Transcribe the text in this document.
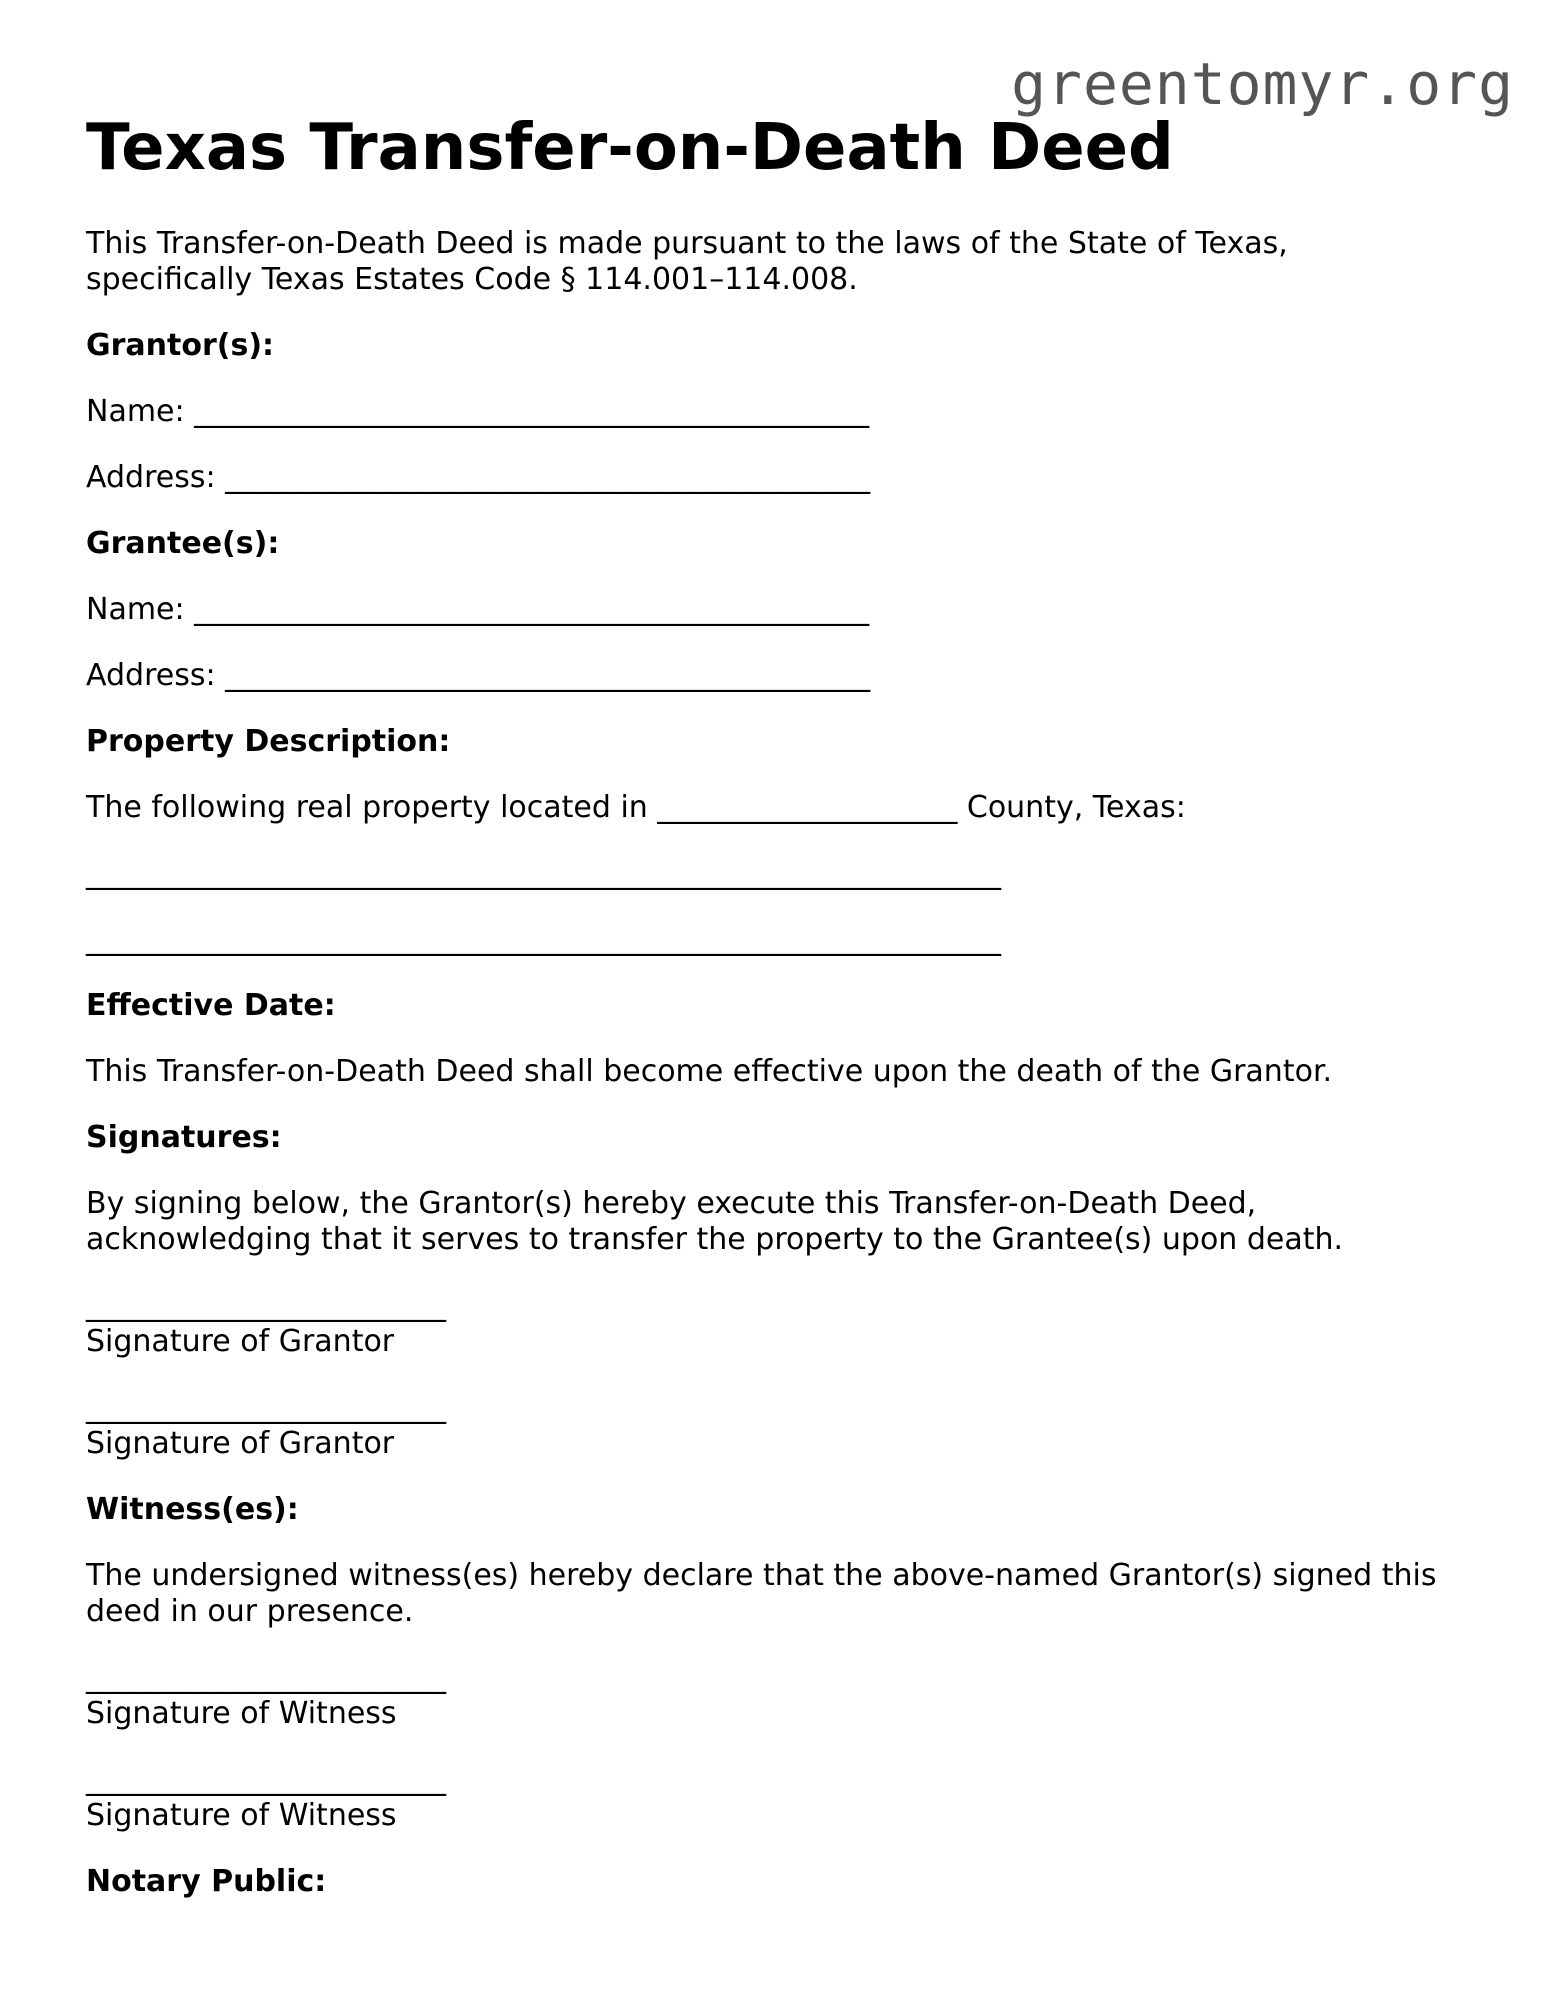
greentomyr.org
Texas Transfer-on-Death Deed

This Transfer-on-Death Deed is made pursuant to the laws of the State of Texas,

specifically Texas Estates Code § 114.001–114.008.

Grantor(s):

Name: _____________________________________________

Address: ___________________________________________

Grantee(s):

Name: _____________________________________________

Address: ___________________________________________

Property Description:

The following real property located in ____________________ County, Texas:

_____________________________________________________________

_____________________________________________________________

Effective Date:

This Transfer-on-Death Deed shall become effective upon the death of the Grantor.

Signatures:

By signing below, the Grantor(s) hereby execute this Transfer-on-Death Deed,

acknowledging that it serves to transfer the property to the Grantee(s) upon death.

________________________

Signature of Grantor

________________________

Signature of Grantor

Witness(es):

The undersigned witness(es) hereby declare that the above-named Grantor(s) signed this

deed in our presence.

________________________

Signature of Witness

________________________

Signature of Witness

Notary Public:
